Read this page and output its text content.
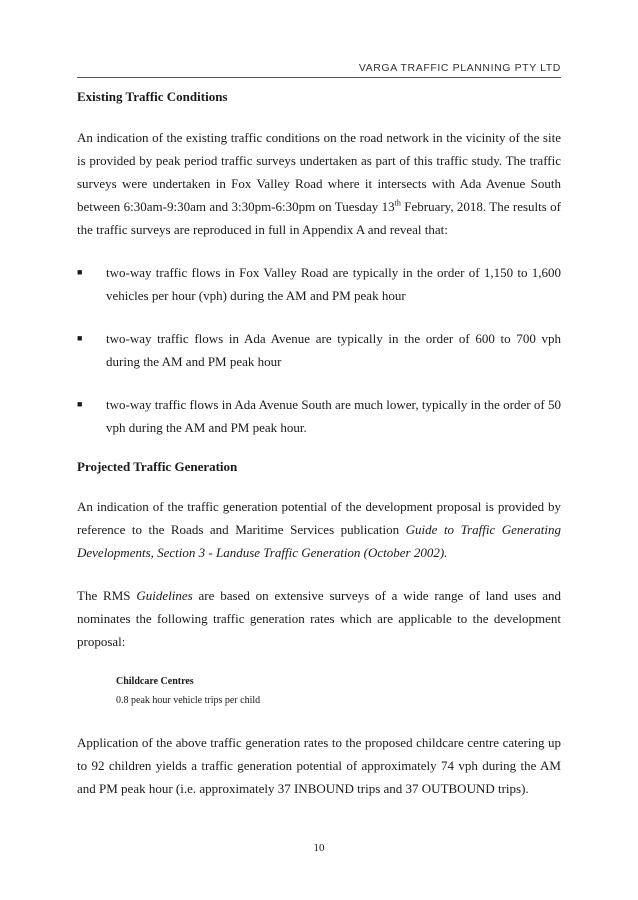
VARGA TRAFFIC PLANNING PTY LTD
Existing Traffic Conditions

An indication of the existing traffic conditions on the road network in the vicinity of the site is provided by peak period traffic surveys undertaken as part of this traffic study. The traffic surveys were undertaken in Fox Valley Road where it intersects with Ada Avenue South between 6:30am-9:30am and 3:30pm-6:30pm on Tuesday 13th February, 2018. The results of the traffic surveys are reproduced in full in Appendix A and reveal that:

■ two-way traffic flows in Fox Valley Road are typically in the order of 1,150 to 1,600 vehicles per hour (vph) during the AM and PM peak hour
■ two-way traffic flows in Ada Avenue are typically in the order of 600 to 700 vph during the AM and PM peak hour
■ two-way traffic flows in Ada Avenue South are much lower, typically in the order of 50 vph during the AM and PM peak hour.
Projected Traffic Generation

An indication of the traffic generation potential of the development proposal is provided by reference to the Roads and Maritime Services publication Guide to Traffic Generating Developments, Section 3 - Landuse Traffic Generation (October 2002).

The RMS Guidelines are based on extensive surveys of a wide range of land uses and nominates the following traffic generation rates which are applicable to the development proposal:

Childcare Centres
0.8 peak hour vehicle trips per child

Application of the above traffic generation rates to the proposed childcare centre catering up to 92 children yields a traffic generation potential of approximately 74 vph during the AM and PM peak hour (i.e. approximately 37 INBOUND trips and 37 OUTBOUND trips).

10
